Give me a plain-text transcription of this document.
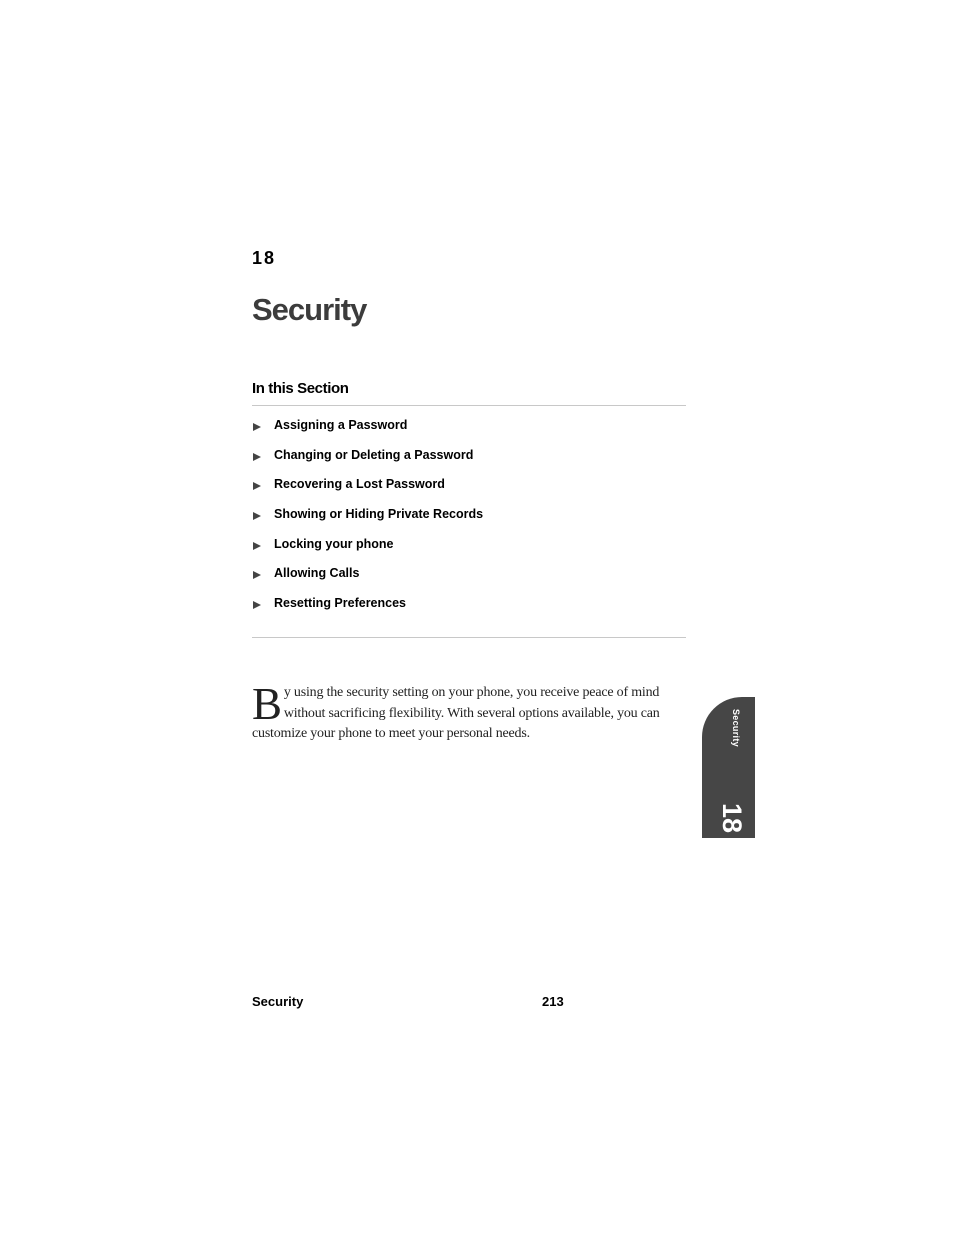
18
Security
In this Section
Assigning a Password
Changing or Deleting a Password
Recovering a Lost Password
Showing or Hiding Private Records
Locking your phone
Allowing Calls
Resetting Preferences
By using the security setting on your phone, you receive peace of mind without sacrificing flexibility. With several options available, you can customize your phone to meet your personal needs.	Security
18
Security	213
